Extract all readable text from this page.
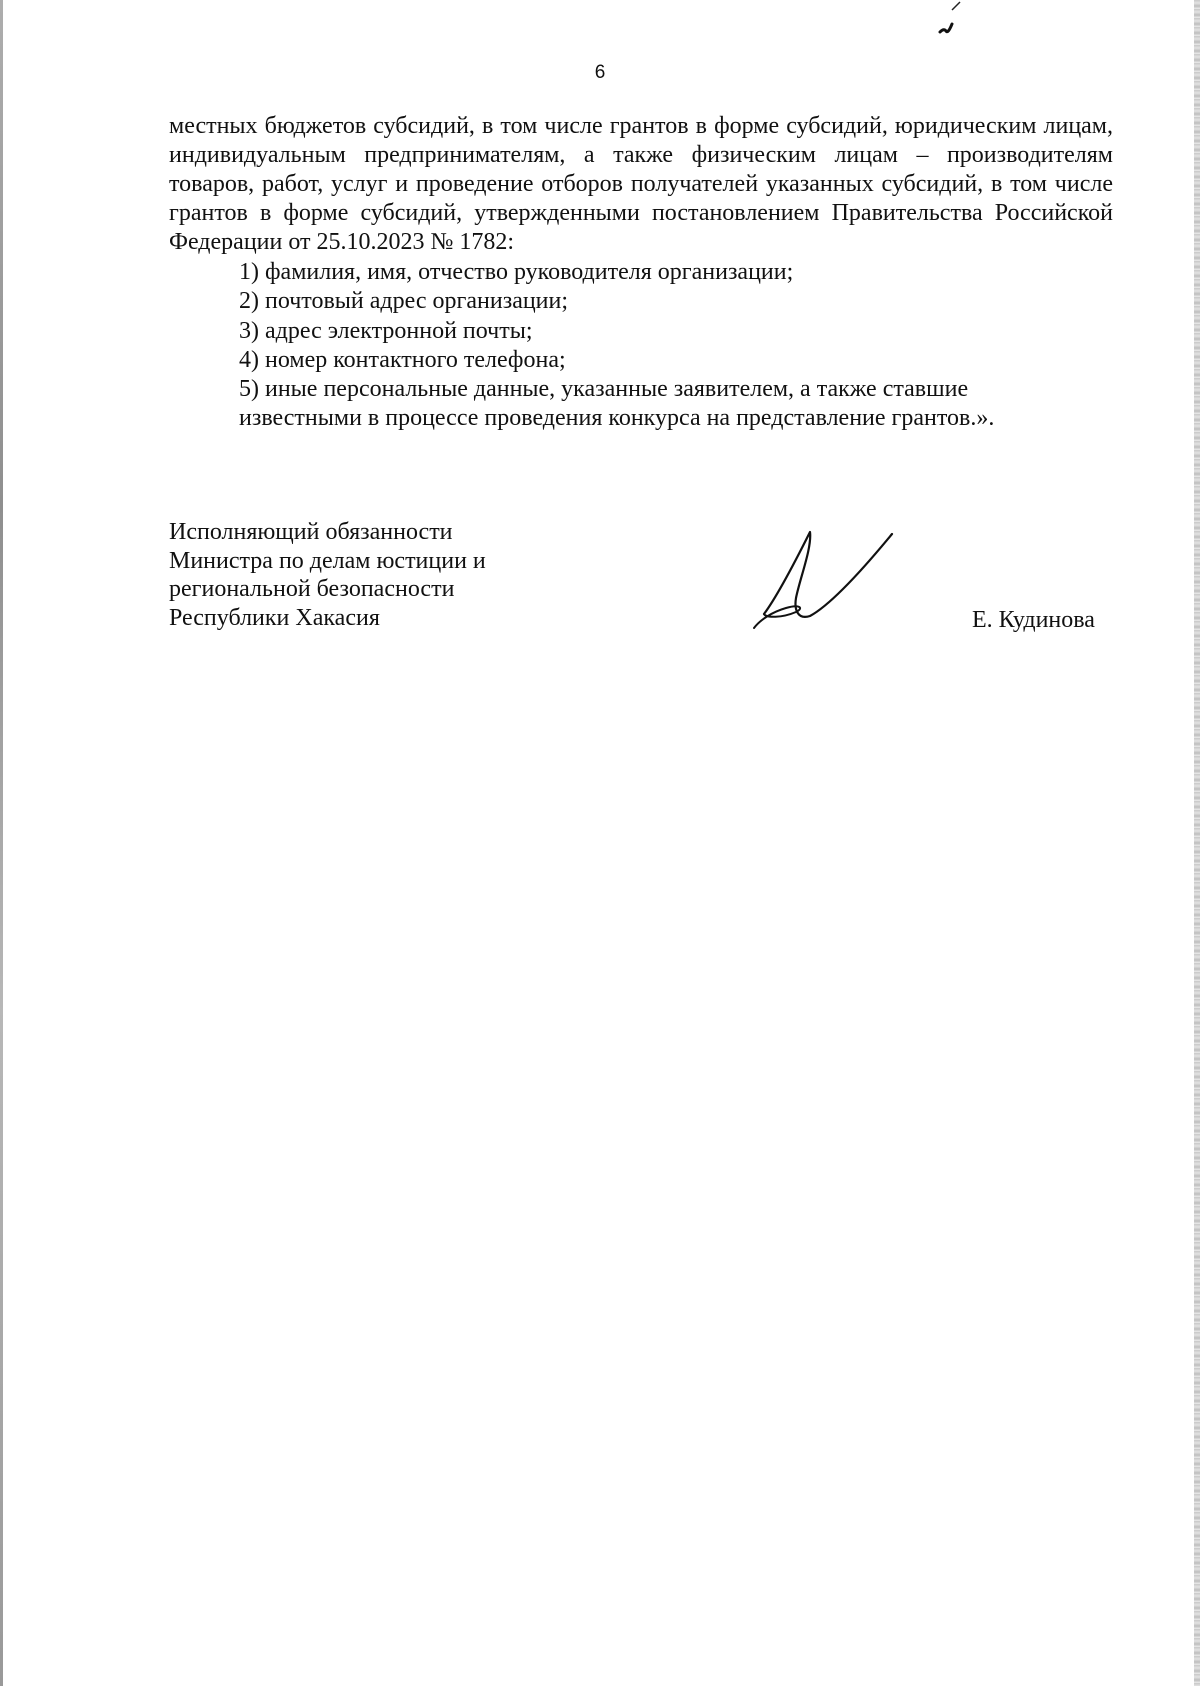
6
местных бюджетов субсидий, в том числе грантов в форме субсидий, юридическим лицам, индивидуальным предпринимателям, а также физическим лицам – производителям товаров, работ, услуг и проведение отборов получателей указанных субсидий, в том числе грантов в форме субсидий, утвержденными постановлением Правительства Российской Федерации от 25.10.2023 № 1782:
1) фамилия, имя, отчество руководителя организации;
2) почтовый адрес организации;
3) адрес электронной почты;
4) номер контактного телефона;
5) иные персональные данные, указанные заявителем, а также ставшие
известными в процессе проведения конкурса на представление грантов.».
Исполняющий обязанности
Министра по делам юстиции и
региональной безопасности
Республики Хакасия	Е. Кудинова
